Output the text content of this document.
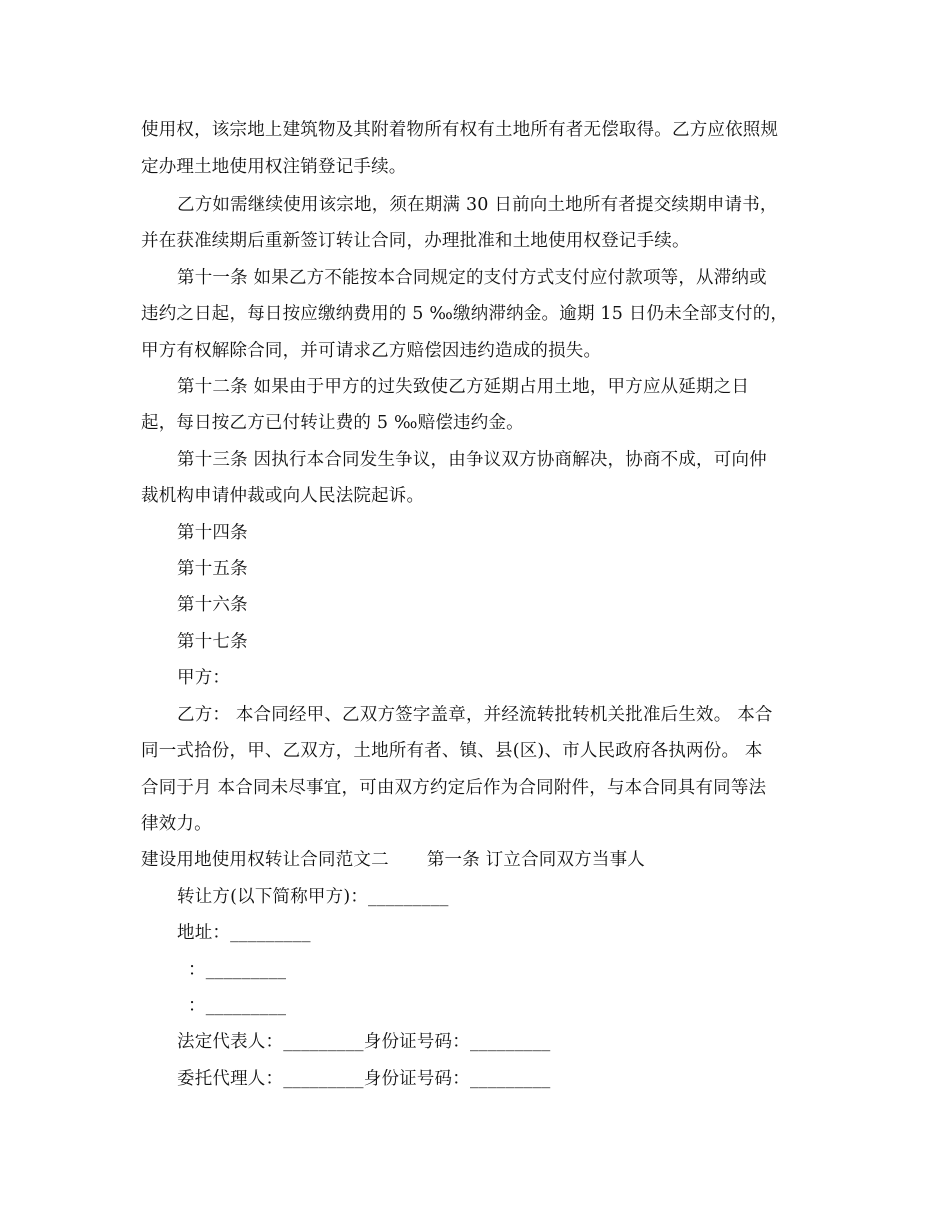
使用权，该宗地上建筑物及其附着物所有权有土地所有者无偿取得。乙方应依照规
定办理土地使用权注销登记手续。
乙方如需继续使用该宗地，须在期满 30 日前向土地所有者提交续期申请书，
并在获准续期后重新签订转让合同，办理批准和土地使用权登记手续。
第十一条 如果乙方不能按本合同规定的支付方式支付应付款项等，从滞纳或
违约之日起，每日按应缴纳费用的 5 ‰缴纳滞纳金。逾期 15 日仍未全部支付的，
甲方有权解除合同，并可请求乙方赔偿因违约造成的损失。
第十二条 如果由于甲方的过失致使乙方延期占用土地，甲方应从延期之日
起，每日按乙方已付转让费的 5 ‰赔偿违约金。
第十三条 因执行本合同发生争议，由争议双方协商解决，协商不成，可向仲
裁机构申请仲裁或向人民法院起诉。
第十四条
第十五条
第十六条
第十七条
甲方：
乙方： 本合同经甲、乙双方签字盖章，并经流转批转机关批准后生效。 本合
同一式拾份，甲、乙双方，土地所有者、镇、县(区)、市人民政府各执两份。 本
合同于月 本合同未尽事宜，可由双方约定后作为合同附件，与本合同具有同等法
律效力。
建设用地使用权转让合同范文二 第一条 订立合同双方当事人
转让方(以下简称甲方)：_________
地址：_________
：_________
：_________
法定代表人：_________身份证号码：_________
委托代理人：_________身份证号码：_________
